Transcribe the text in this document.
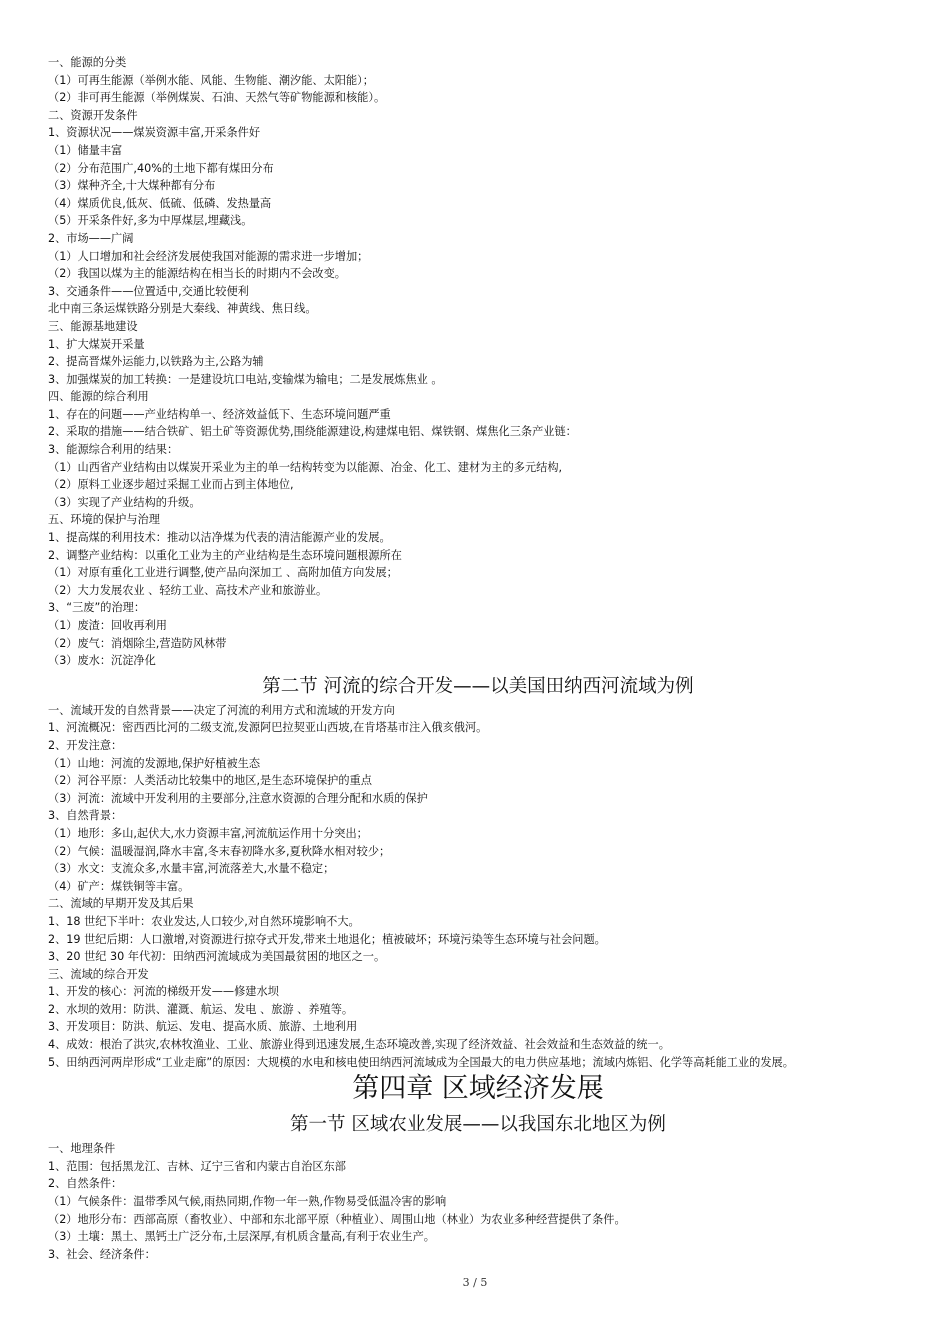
一、能源的分类
（1）可再生能源（举例水能、风能、生物能、潮汐能、太阳能）；
（2）非可再生能源（举例煤炭、石油、天然气等矿物能源和核能）。
二、资源开发条件
1、资源状况——煤炭资源丰富,开采条件好
（1）储量丰富
（2）分布范围广,40%的土地下都有煤田分布
（3）煤种齐全,十大煤种都有分布
（4）煤质优良,低灰、低硫、低磷、发热量高
（5）开采条件好,多为中厚煤层,埋藏浅。
2、市场——广阔
（1）人口增加和社会经济发展使我国对能源的需求进一步增加；
（2）我国以煤为主的能源结构在相当长的时期内不会改变。
3、交通条件——位置适中,交通比较便利
北中南三条运煤铁路分别是大秦线、神黄线、焦日线。
三、能源基地建设
1、扩大煤炭开采量
2、提高晋煤外运能力,以铁路为主,公路为辅
3、加强煤炭的加工转换：一是建设坑口电站,变输煤为输电；二是发展炼焦业 。
四、能源的综合利用
1、存在的问题——产业结构单一、经济效益低下、生态环境问题严重
2、采取的措施——结合铁矿、铝土矿等资源优势,围绕能源建设,构建煤电铝、煤铁钢、煤焦化三条产业链：
3、能源综合利用的结果：
（1）山西省产业结构由以煤炭开采业为主的单一结构转变为以能源、冶金、化工、建材为主的多元结构,
（2）原料工业逐步超过采掘工业而占到主体地位,
（3）实现了产业结构的升级。
五、环境的保护与治理
1、提高煤的利用技术：推动以洁净煤为代表的清洁能源产业的发展。
2、调整产业结构：以重化工业为主的产业结构是生态环境问题根源所在
（1）对原有重化工业进行调整,使产品向深加工 、高附加值方向发展；
（2）大力发展农业 、轻纺工业、高技术产业和旅游业。
3、“三废”的治理：
（1）废渣：回收再利用
（2）废气：消烟除尘,营造防风林带
（3）废水：沉淀净化
第二节 河流的综合开发——以美国田纳西河流域为例
一、流域开发的自然背景——决定了河流的利用方式和流域的开发方向
1、河流概况：密西西比河的二级支流,发源阿巴拉契亚山西坡,在肯塔基市注入俄亥俄河。
2、开发注意：
（1）山地：河流的发源地,保护好植被生态
（2）河谷平原：人类活动比较集中的地区,是生态环境保护的重点
（3）河流：流域中开发利用的主要部分,注意水资源的合理分配和水质的保护
3、自然背景：
（1）地形：多山,起伏大,水力资源丰富,河流航运作用十分突出；
（2）气候：温暖湿润,降水丰富,冬末春初降水多,夏秋降水相对较少；
（3）水文：支流众多,水量丰富,河流落差大,水量不稳定；
（4）矿产：煤铁铜等丰富。
二、流域的早期开发及其后果
1、18 世纪下半叶：农业发达,人口较少,对自然环境影响不大。
2、19 世纪后期：人口激增,对资源进行掠夺式开发,带来土地退化；植被破坏；环境污染等生态环境与社会问题。
3、20 世纪 30 年代初：田纳西河流域成为美国最贫困的地区之一。
三、流域的综合开发
1、开发的核心：河流的梯级开发——修建水坝
2、水坝的效用：防洪、灌溉、航运、发电 、旅游 、养殖等。
3、开发项目：防洪、航运、发电、提高水质、旅游、土地利用
4、成效：根治了洪灾,农林牧渔业、工业、旅游业得到迅速发展,生态环境改善,实现了经济效益、社会效益和生态效益的统一。
5、田纳西河两岸形成“工业走廊”的原因：大规模的水电和核电使田纳西河流域成为全国最大的电力供应基地；流域内炼铝、化学等高耗能工业的发展。
第四章 区域经济发展
第一节 区域农业发展——以我国东北地区为例
一、地理条件
1、范围：包括黑龙江、吉林、辽宁三省和内蒙古自治区东部
2、自然条件：
（1）气候条件：温带季风气候,雨热同期,作物一年一熟,作物易受低温冷害的影响
（2）地形分布：西部高原（畜牧业）、中部和东北部平原（种植业）、周围山地（林业）为农业多种经营提供了条件。
（3）土壤：黑土、黑钙土广泛分布,土层深厚,有机质含量高,有利于农业生产。
3、社会、经济条件：
3 / 5
